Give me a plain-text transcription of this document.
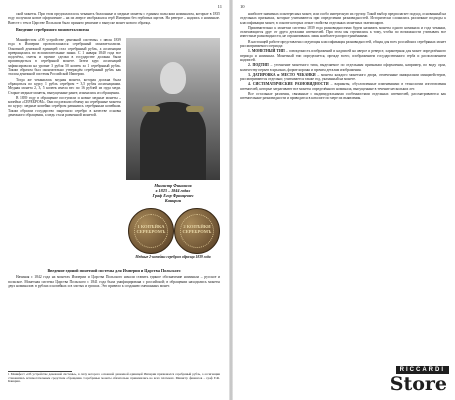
11
ской монеты. При этом предполагалось чеканить биллонные и медные монеты с единым польским номиналом, которые в 1835 году получили новое оформление – на их аверсе изображался герб Империи без гербовых щитов. На реверсе – надпись о номинале. Вместе с тем в Царстве Польском было принято решение о выпуске монет нового образца.
Введение серебряного монометаллизма
Манифестом «Об устройстве денежной системы» с июля 1839 года в Империи провозглашался серебряный монометаллизм. Основной денежной единицей стал серебряный рубль, а ассигнации превращались во вспомогательные знаки. С 1 января 1840 года все подсчёты, сметы и прочие сделки в государстве должны были производиться в серебряной монете. Затем курс ассигнаций зафиксировали на уровне 3 рубля 50 копеек за 1 серебряный рубль. Таким образом был окончательно утверждён серебряный рубль как эталон денежной системы Российской Империи.
Тогда же чеканилась медная монета, которая должна была обращаться по курсу 1 рубль серебром = 3,5 рубля ассигнациями. Медная монета 2, 3, 5 копеек имела вес по 16 рублей из пуда меди. Старые медные монеты, выпущенные ранее, изымались из обращения.
В 1839 году в обращение поступили и новые медные монеты – копейки «СЕРЕБРОМ». Они подлежали обмену на серебряные монеты по курсу: медные копейки серебром равнялись серебряным копейкам. Таким образом государство закрепило серебро в качестве основы денежного обращения, а медь стала разменной монетой.
Министр Финансов
в 1823 – 1844 годах
Граф Егор Францевич
Канкрин
1 КОПѢЙКА СЕРЕБРОМЪ
2 КОПѢЙКИ СЕРЕБРОМЪ
Медные 2-копейки серебром образца 1839 года
Введение единой монетной системы для Империи и Царства Польского
Начиная с 1842 года на монетах Империи и Царства Польского начали ставить единое обозначение номинала – русское и польское. Монетная система Царства Польского с 1841 года была унифицирована с российской; в обращении находились монеты двух номиналов: в рублях и копейках и в злотых и грошах. Это привело к созданию смешанных монет.
1 Манифест «Об устройстве денежной системы», в силу которого основной денежной единицей Империи признавался серебряный рубль, а ассигнации становились вспомогательным средством обращения. Серебряные монеты обязательно принимались во всех платежах. Министр финансов – граф Е.Ф. Канкрин.
10
наиболее значимых и интересных монет, или особо интересную их группу. Такой выбор предполагает подход, основанный на отдельных признаках, которые учитываются при определении разновидностей. Исторически сложились различные подходы к классификации монет, в основе которых лежат свойства отдельных монетных экземпляров.
Применительно к монетам системы 1839 года разновидностями будем называть монеты одного номинала и года чеканки, отличающиеся друг от друга деталями штемпелей. При этом мы стремились к тому, чтобы по возможности учитывать все известные разновидности, не ограничиваясь лишь наиболее распространёнными.
В настоящей работе представлена следующая классификация разновидностей, общая для всех российских серебряных монет рассматриваемого периода:
1. МОНЕТНЫЙ ТИП – совокупность изображений и надписей на аверсе и реверсе, характерная для монет определённого периода и номинала. Монетный тип определяется, прежде всего, изображением государственного герба и расположением надписей.
2. ПОДТИП – уточнение монетного типа, выделяемое по отдельным признакам оформления, например, по виду орла, количеству перьев в крыльях, форме короны и прочим деталям изображения.
3. ДАТИРОВКА и МЕСТО ЧЕКАНКИ – монеты каждого монетного двора, отмеченные инициалами минцмейстеров, рассматриваются отдельно; учитывается также год, указанный на монете.
4. СИСТЕМАТИЧЕСКИЕ РАЗНОВИДНОСТИ – варианты, обусловленные изменениями в технологии изготовления штемпелей, которые затрагивают все монеты определённого номинала, выпущенные в течение нескольких лет.
Все остальные различия, связанные с индивидуальными особенностями отдельных штемпелей, рассматриваются как штемпельные разновидности и приводятся в каталоге по мере их выявления.
RICCARDI
Store
